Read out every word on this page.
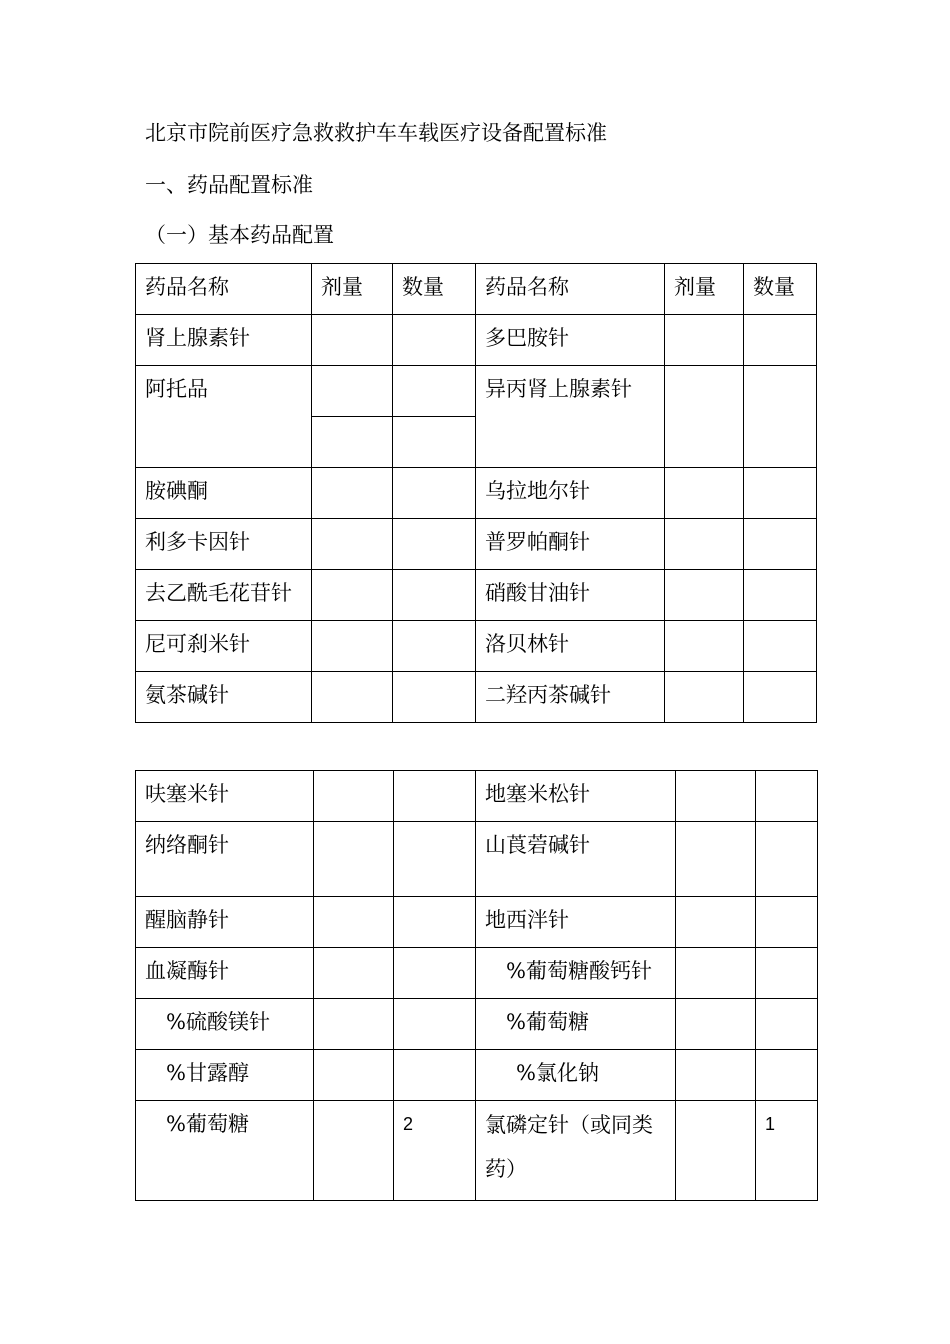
北京市院前医疗急救救护车车载医疗设备配置标准
一、药品配置标准
（一）基本药品配置
药品名称	剂量	数量	药品名称	剂量	数量
肾上腺素针			多巴胺针		
阿托品			异丙肾上腺素针		

胺碘酮			乌拉地尔针		
利多卡因针			普罗帕酮针		
去乙酰毛花苷针			硝酸甘油针		
尼可刹米针			洛贝林针		
氨茶碱针			二羟丙茶碱针		
呋塞米针			地塞米松针		
纳络酮针			山莨菪碱针		
醒脑静针			地西泮针		
血凝酶针			%葡萄糖酸钙针		
%硫酸镁针			%葡萄糖		
%甘露醇			%氯化钠		
%葡萄糖		2	氯磷定针（或同类药）		1
